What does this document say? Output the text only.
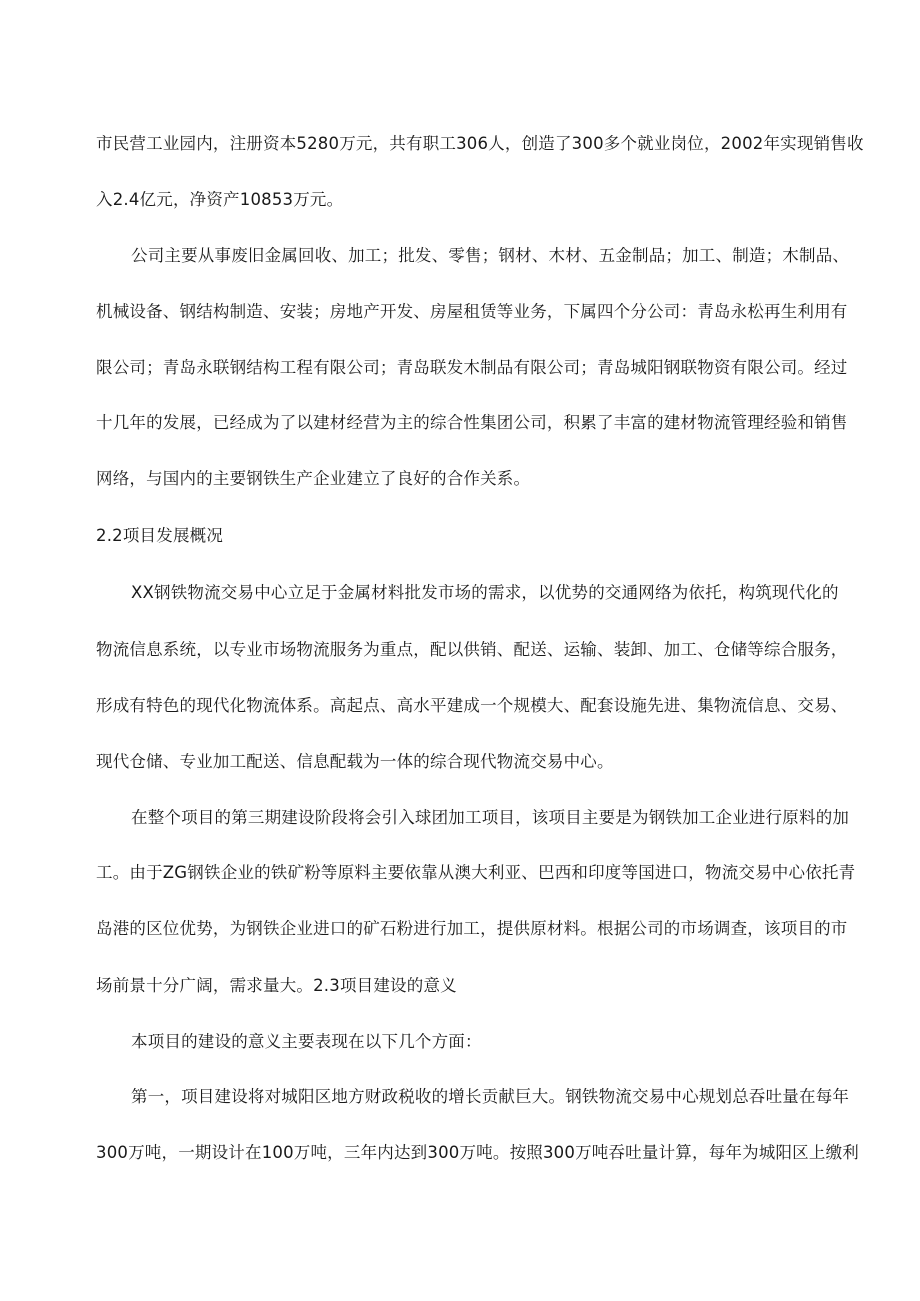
市民营工业园内，注册资本5280万元，共有职工306人，创造了300多个就业岗位，2002年实现销售收
入2.4亿元，净资产10853万元。
公司主要从事废旧金属回收、加工；批发、零售；钢材、木材、五金制品；加工、制造；木制品、
机械设备、钢结构制造、安装；房地产开发、房屋租赁等业务，下属四个分公司：青岛永松再生利用有
限公司；青岛永联钢结构工程有限公司；青岛联发木制品有限公司；青岛城阳钢联物资有限公司。经过
十几年的发展，已经成为了以建材经营为主的综合性集团公司，积累了丰富的建材物流管理经验和销售
网络，与国内的主要钢铁生产企业建立了良好的合作关系。
2.2项目发展概况
XX钢铁物流交易中心立足于金属材料批发市场的需求，以优势的交通网络为依托，构筑现代化的
物流信息系统，以专业市场物流服务为重点，配以供销、配送、运输、装卸、加工、仓储等综合服务，
形成有特色的现代化物流体系。高起点、高水平建成一个规模大、配套设施先进、集物流信息、交易、
现代仓储、专业加工配送、信息配载为一体的综合现代物流交易中心。
在整个项目的第三期建设阶段将会引入球团加工项目，该项目主要是为钢铁加工企业进行原料的加
工。由于ZG钢铁企业的铁矿粉等原料主要依靠从澳大利亚、巴西和印度等国进口，物流交易中心依托青
岛港的区位优势，为钢铁企业进口的矿石粉进行加工，提供原材料。根据公司的市场调查，该项目的市
场前景十分广阔，需求量大。2.3项目建设的意义
本项目的建设的意义主要表现在以下几个方面：
第一，项目建设将对城阳区地方财政税收的增长贡献巨大。钢铁物流交易中心规划总吞吐量在每年
300万吨，一期设计在100万吨，三年内达到300万吨。按照300万吨吞吐量计算，每年为城阳区上缴利
